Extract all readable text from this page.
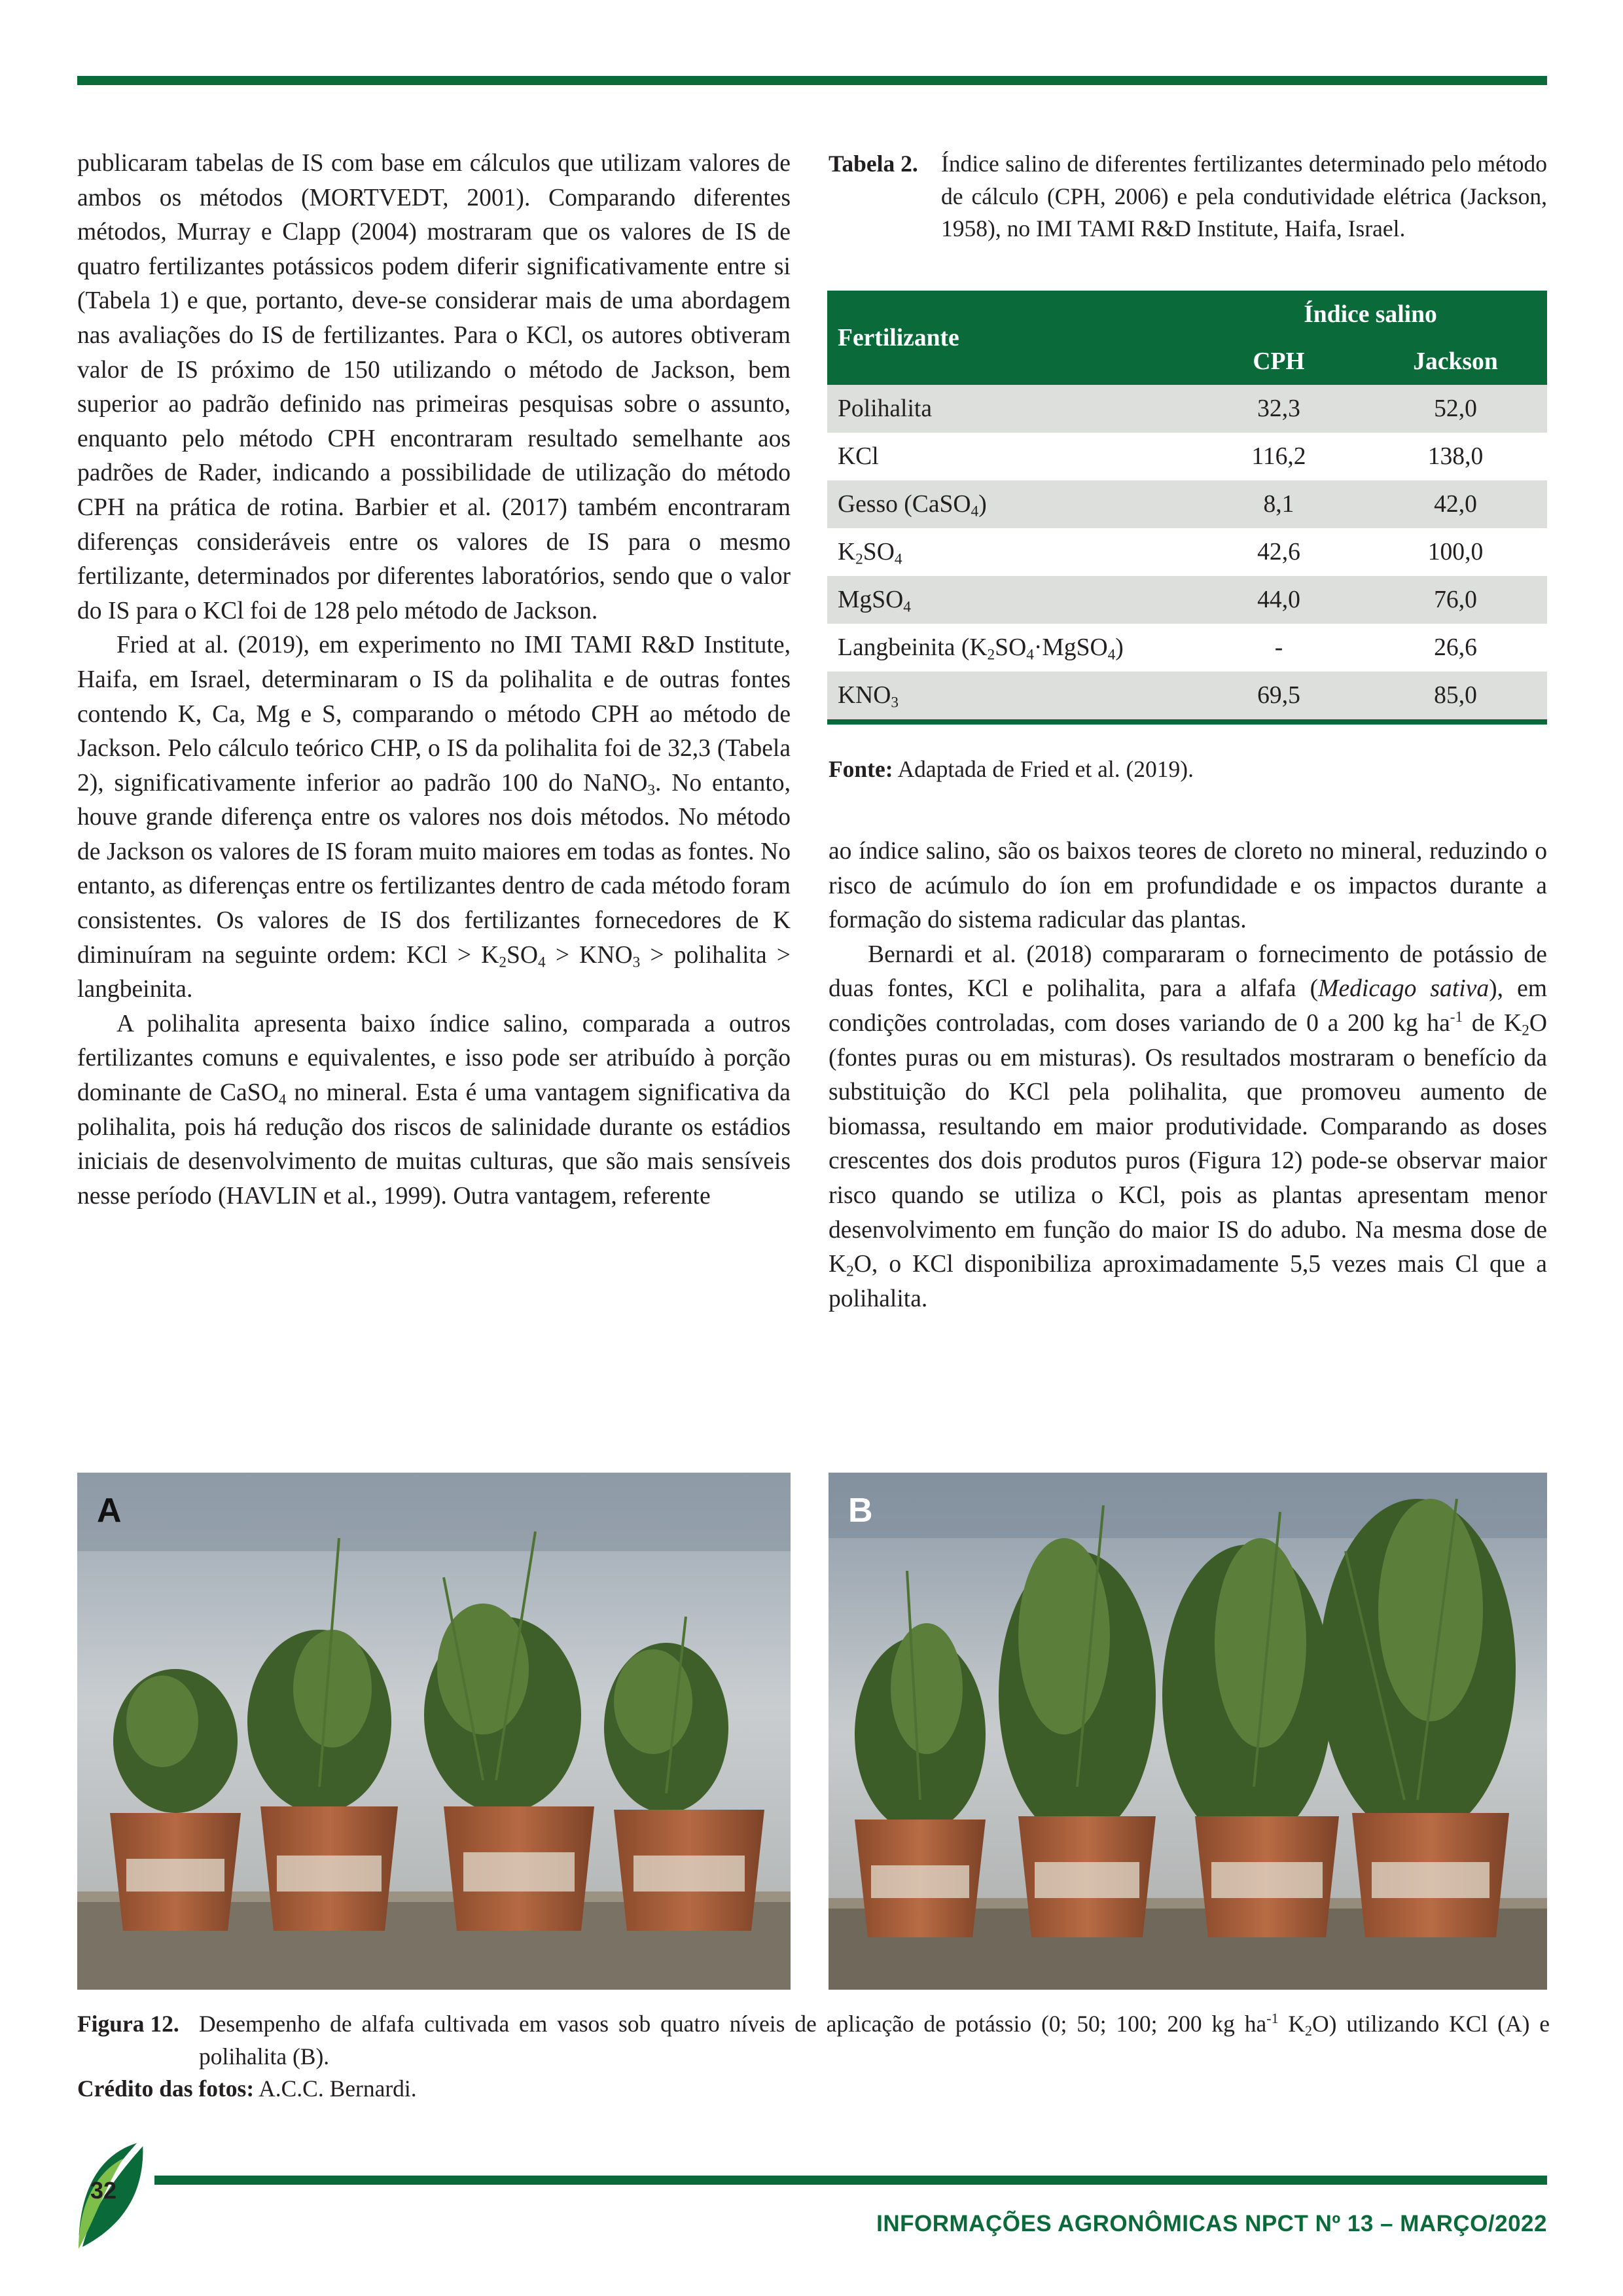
publicaram tabelas de IS com base em cálculos que utilizam valores de ambos os métodos (MORTVEDT, 2001). Comparando diferentes métodos, Murray e Clapp (2004) mostraram que os valores de IS de quatro fertilizantes potássicos podem diferir significativamente entre si (Tabela 1) e que, portanto, deve-se considerar mais de uma abordagem nas avaliações do IS de fertilizantes. Para o KCl, os autores obtiveram valor de IS próximo de 150 utilizando o método de Jackson, bem superior ao padrão definido nas primeiras pesquisas sobre o assunto, enquanto pelo método CPH encontraram resultado semelhante aos padrões de Rader, indicando a possibilidade de utilização do método CPH na prática de rotina. Barbier et al. (2017) também encontraram diferenças consideráveis entre os valores de IS para o mesmo fertilizante, determinados por diferentes laboratórios, sendo que o valor do IS para o KCl foi de 128 pelo método de Jackson.

Fried at al. (2019), em experimento no IMI TAMI R&D Institute, Haifa, em Israel, determinaram o IS da polihalita e de outras fontes contendo K, Ca, Mg e S, comparando o método CPH ao método de Jackson. Pelo cálculo teórico CHP, o IS da polihalita foi de 32,3 (Tabela 2), significativamente inferior ao padrão 100 do NaNO$_3$. No entanto, houve grande diferença entre os valores nos dois métodos. No método de Jackson os valores de IS foram muito maiores em todas as fontes. No entanto, as diferenças entre os fertilizantes dentro de cada método foram consistentes. Os valores de IS dos fertilizantes fornecedores de K diminuíram na seguinte ordem: KCl > $K_2SO_4 > KNO_3$ > polihalita > langbeinita.

A polihalita apresenta baixo índice salino, comparada a outros fertilizantes comuns e equivalentes, e isso pode ser atribuído à porção dominante de CaSO$_4$ no mineral. Esta é uma vantagem significativa da polihalita, pois há redução dos riscos de salinidade durante os estádios iniciais de desenvolvimento de muitas culturas, que são mais sensíveis nesse período (HAVLIN et al., 1999). Outra vantagem, referente

Tabela 2. Índice salino de diferentes fertilizantes determinado pelo método de cálculo (CPH, 2006) e pela condutividade elétrica (Jackson, 1958), no IMI TAMI R&D Institute, Haifa, Israel.
Fertilizante	Índice salino	
	CPH	Jackson
Polihalita	32,3	52,0
KCl	116,2	138,0
Gesso (CaSO$_4$)	8,1	42,0
$K_2SO_4$	42,6	100,0
MgSO$_4$	44,0	76,0
Langbeinita $(K_2SO_4\cdot MgSO_4)$	-	26,6
$KNO_3$	69,5	85,0
Fonte: Adaptada de Fried et al. (2019).

ao índice salino, são os baixos teores de cloreto no mineral, reduzindo o risco de acúmulo do íon em profundidade e os impactos durante a formação do sistema radicular das plantas.

Bernardi et al. (2018) compararam o fornecimento de potássio de duas fontes, KCl e polihalita, para a alfafa (Medicago sativa), em condições controladas, com doses variando de 0 a 200 kg $ha^{-1}$ de $K_2O$ (fontes puras ou em misturas). Os resultados mostraram o benefício da substituição do KCl pela polihalita, que promoveu aumento de biomassa, resultando em maior produtividade. Comparando as doses crescentes dos dois produtos puros (Figura 12) pode-se observar maior risco quando se utiliza o KCl, pois as plantas apresentam menor desenvolvimento em função do maior IS do adubo. Na mesma dose de $K_2O$, o KCl disponibiliza aproximadamente 5,5 vezes mais Cl que a polihalita.

A	B
Figura 12. Desempenho de alfafa cultivada em vasos sob quatro níveis de aplicação de potássio (0; 50; 100; 200 kg $ha^{-1}$ $K_2O$) utilizando KCl (A) e polihalita (B).
Crédito das fotos: A.C.C. Bernardi.
32
INFORMAÇÕES AGRONÔMICAS NPCT Nº 13 – MARÇO/2022
